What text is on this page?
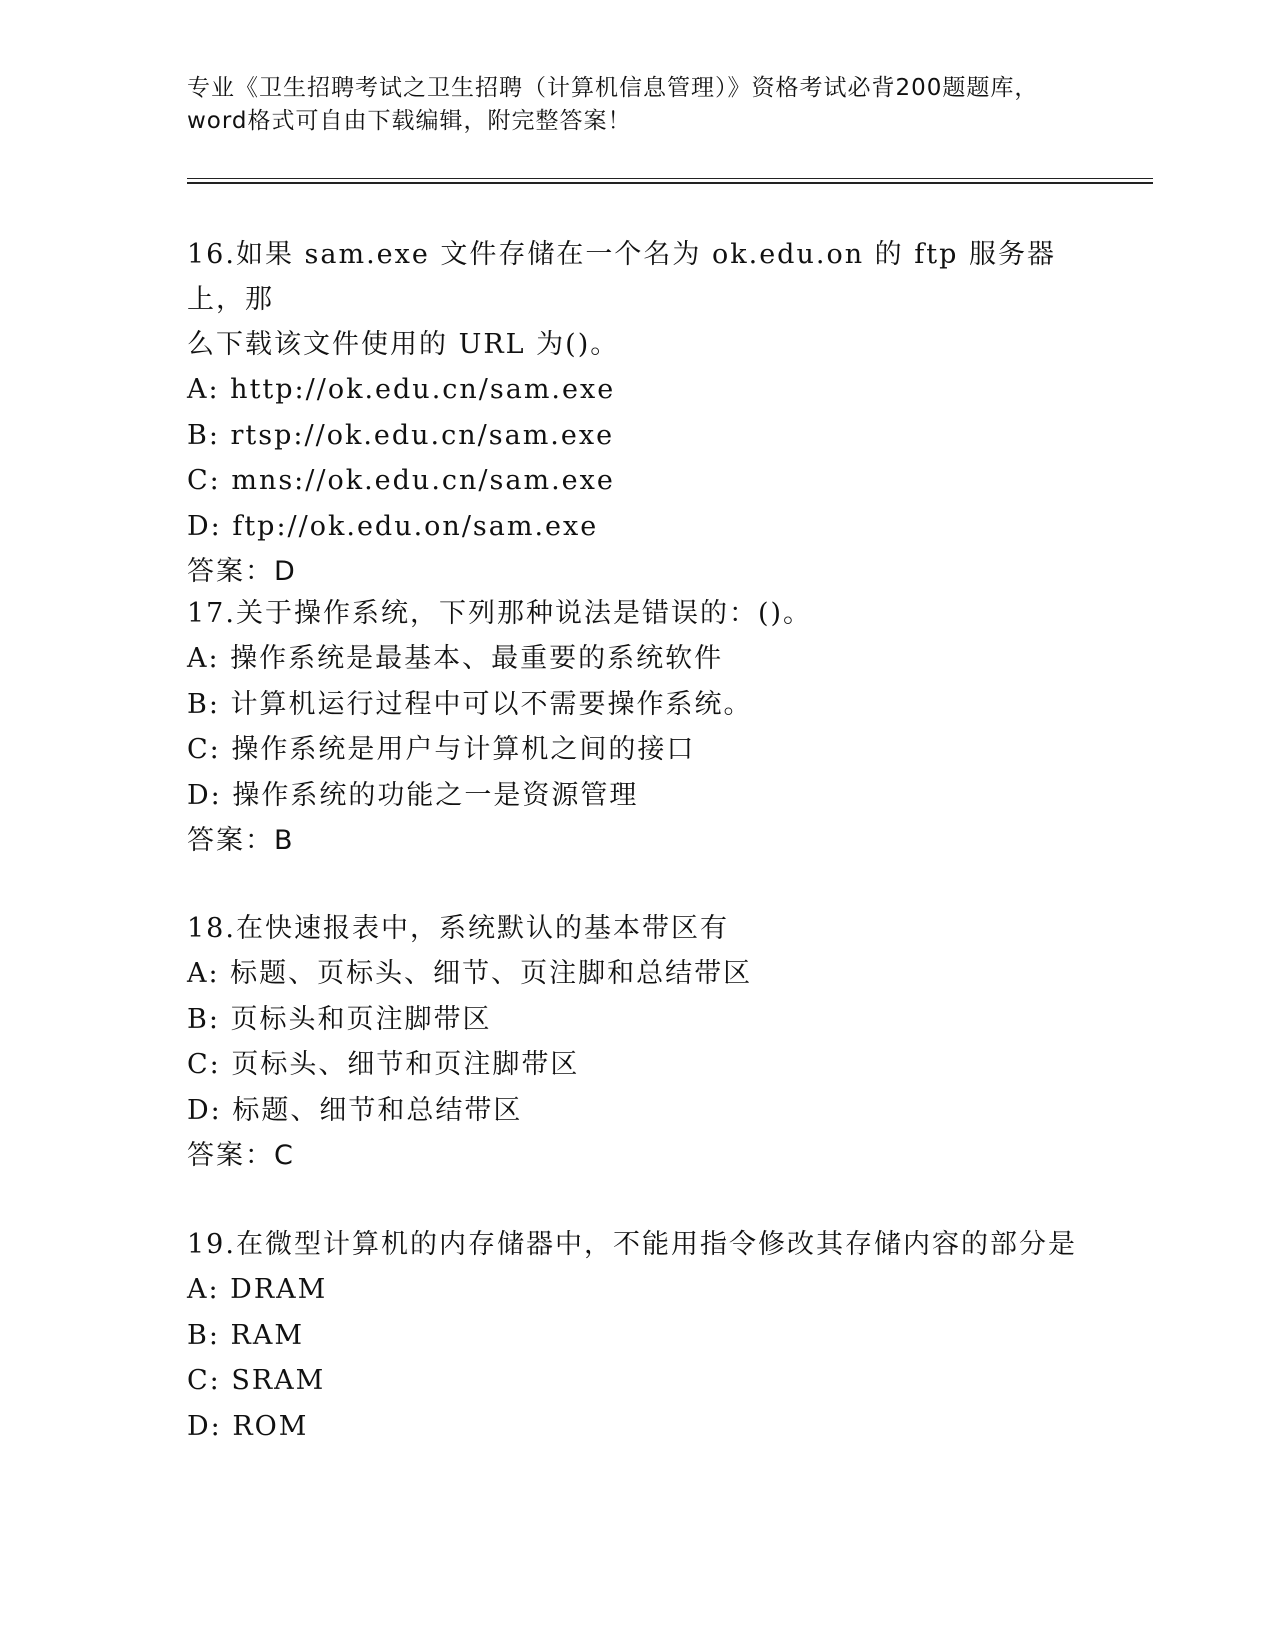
专业《卫生招聘考试之卫生招聘（计算机信息管理）》资格考试必背200题题库，
word格式可自由下载编辑，附完整答案！

16.如果 sam.exe 文件存储在一个名为 ok.edu.on 的 ftp 服务器上，那

么下载该文件使用的 URL 为()。

A: http://ok.edu.cn/sam.exe

B: rtsp://ok.edu.cn/sam.exe

C: mns://ok.edu.cn/sam.exe

D: ftp://ok.edu.on/sam.exe

答案：D

17.关于操作系统，下列那种说法是错误的：()。

A: 操作系统是最基本、最重要的系统软件

B: 计算机运行过程中可以不需要操作系统。

C: 操作系统是用户与计算机之间的接口

D: 操作系统的功能之一是资源管理

答案：B

18.在快速报表中，系统默认的基本带区有

A: 标题、页标头、细节、页注脚和总结带区

B: 页标头和页注脚带区

C: 页标头、细节和页注脚带区

D: 标题、细节和总结带区

答案：C

19.在微型计算机的内存储器中，不能用指令修改其存储内容的部分是

A: DRAM

B: RAM

C: SRAM

D: ROM
